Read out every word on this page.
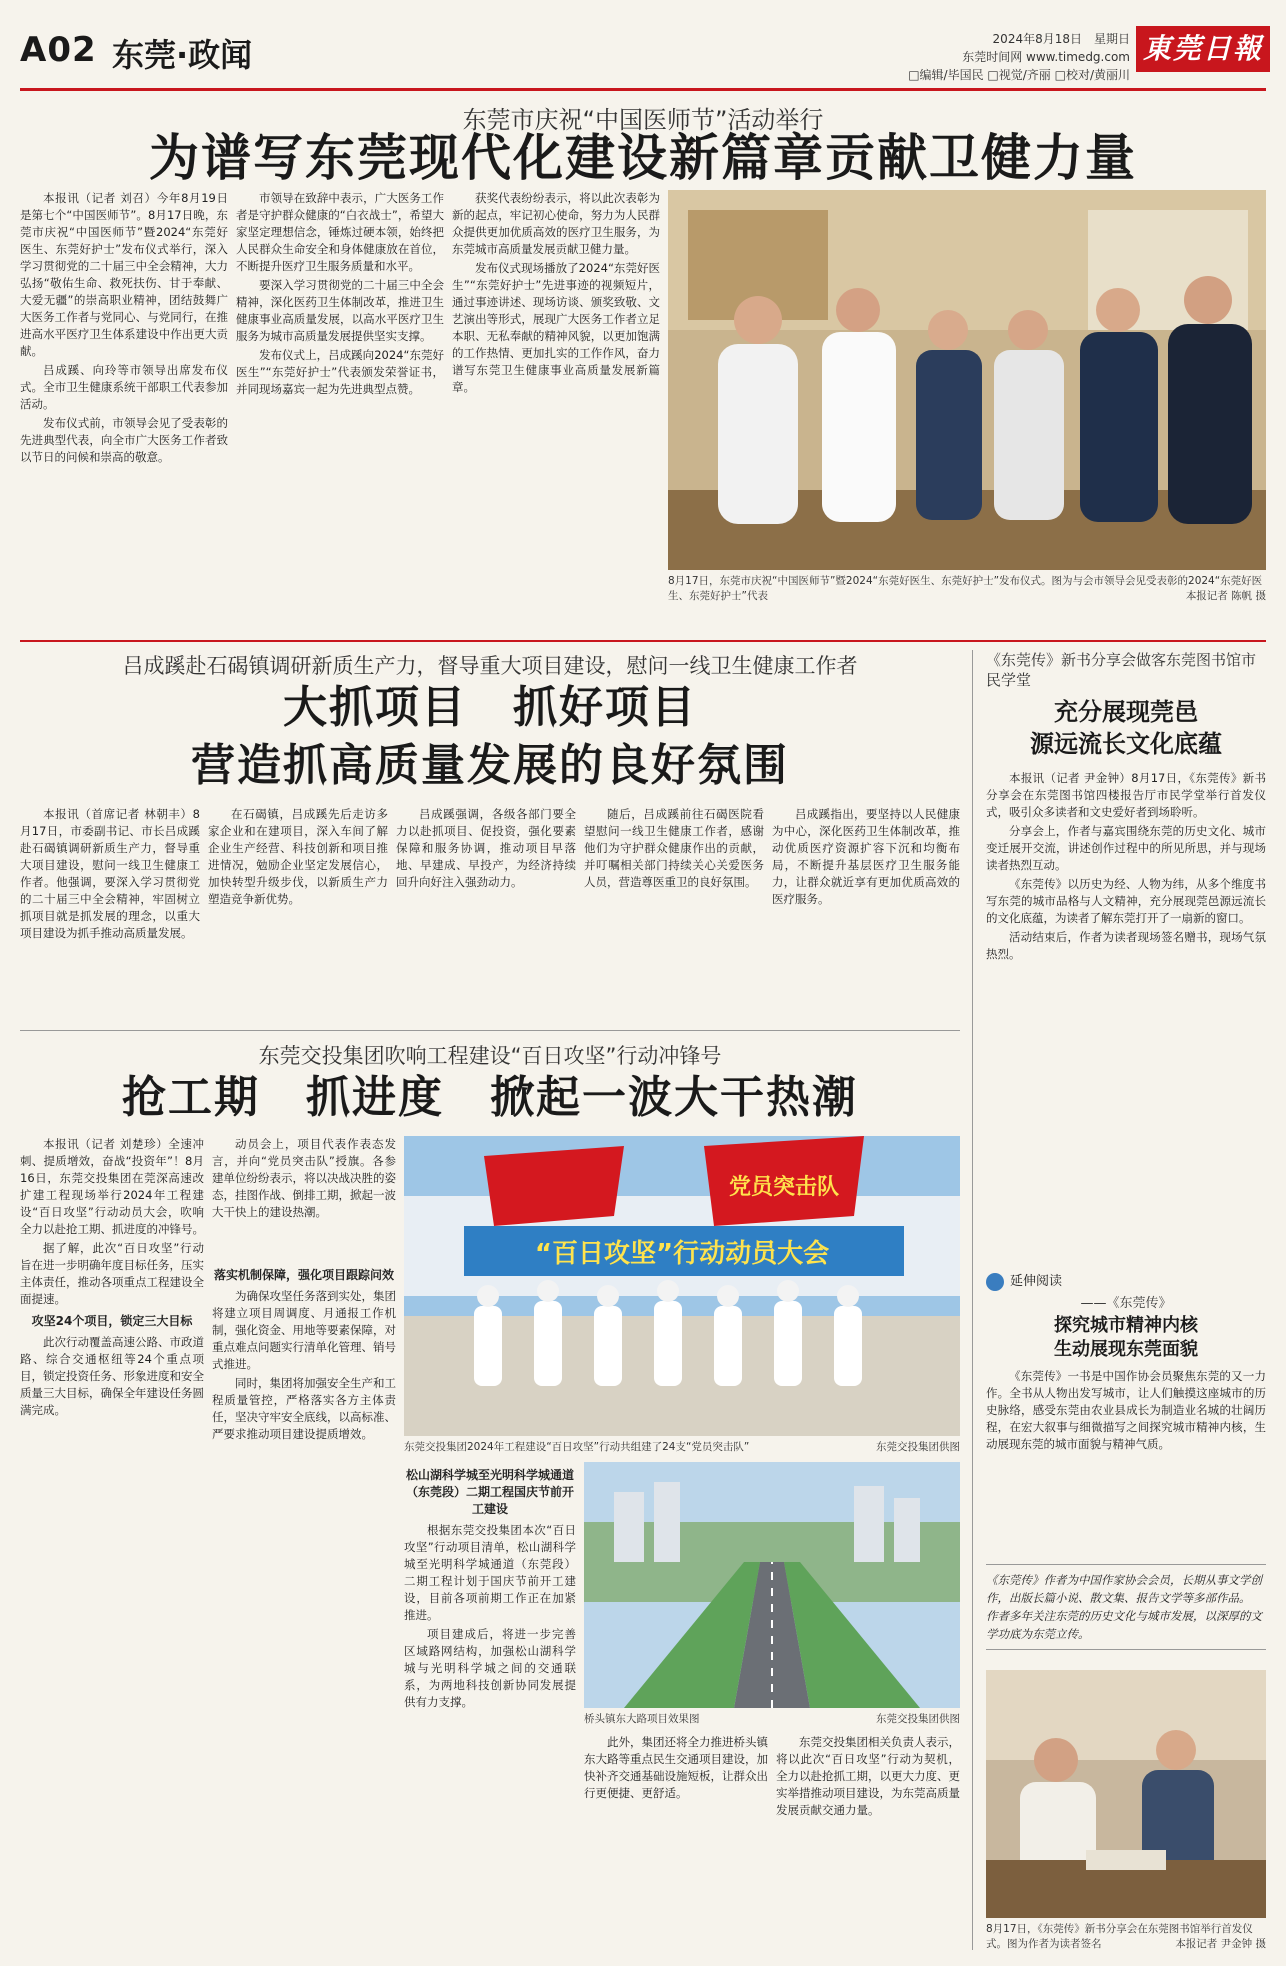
A02 东莞·政闻	2024年8月18日　星期日
东莞时间网 www.timedg.com
□编辑/毕国民 □视觉/齐丽 □校对/黄丽川
東莞日報
东莞市庆祝“中国医师节”活动举行
为谱写东莞现代化建设新篇章贡献卫健力量

本报讯（记者 刘召）今年8月19日是第七个“中国医师节”。8月17日晚，东莞市庆祝“中国医师节”暨2024“东莞好医生、东莞好护士”发布仪式举行，深入学习贯彻党的二十届三中全会精神，大力弘扬“敬佑生命、救死扶伤、甘于奉献、大爱无疆”的崇高职业精神，团结鼓舞广大医务工作者与党同心、与党同行，在推进高水平医疗卫生体系建设中作出更大贡献。

吕成蹊、向玲等市领导出席发布仪式。全市卫生健康系统干部职工代表参加活动。

发布仪式前，市领导会见了受表彰的先进典型代表，向全市广大医务工作者致以节日的问候和崇高的敬意。

市领导在致辞中表示，广大医务工作者是守护群众健康的“白衣战士”，希望大家坚定理想信念，锤炼过硬本领，始终把人民群众生命安全和身体健康放在首位，不断提升医疗卫生服务质量和水平。

要深入学习贯彻党的二十届三中全会精神，深化医药卫生体制改革，推进卫生健康事业高质量发展，以高水平医疗卫生服务为城市高质量发展提供坚实支撑。

发布仪式上，吕成蹊向2024“东莞好医生”“东莞好护士”代表颁发荣誉证书，并同现场嘉宾一起为先进典型点赞。

获奖代表纷纷表示，将以此次表彰为新的起点，牢记初心使命，努力为人民群众提供更加优质高效的医疗卫生服务，为东莞城市高质量发展贡献卫健力量。

发布仪式现场播放了2024“东莞好医生”“东莞好护士”先进事迹的视频短片，通过事迹讲述、现场访谈、颁奖致敬、文艺演出等形式，展现广大医务工作者立足本职、无私奉献的精神风貌，以更加饱满的工作热情、更加扎实的工作作风，奋力谱写东莞卫生健康事业高质量发展新篇章。

8月17日，东莞市庆祝“中国医师节”暨2024“东莞好医生、东莞好护士”发布仪式。图为与会市领导会见受表彰的2024“东莞好医生、东莞好护士”代表	本报记者 陈帆 摄
吕成蹊赴石碣镇调研新质生产力，督导重大项目建设，慰问一线卫生健康工作者
大抓项目　抓好项目
营造抓高质量发展的良好氛围

本报讯（首席记者 林朝丰）8月17日，市委副书记、市长吕成蹊赴石碣镇调研新质生产力，督导重大项目建设，慰问一线卫生健康工作者。他强调，要深入学习贯彻党的二十届三中全会精神，牢固树立抓项目就是抓发展的理念，以重大项目建设为抓手推动高质量发展。

在石碣镇，吕成蹊先后走访多家企业和在建项目，深入车间了解企业生产经营、科技创新和项目推进情况，勉励企业坚定发展信心，加快转型升级步伐，以新质生产力塑造竞争新优势。

吕成蹊强调，各级各部门要全力以赴抓项目、促投资，强化要素保障和服务协调，推动项目早落地、早建成、早投产，为经济持续回升向好注入强劲动力。

随后，吕成蹊前往石碣医院看望慰问一线卫生健康工作者，感谢他们为守护群众健康作出的贡献，并叮嘱相关部门持续关心关爱医务人员，营造尊医重卫的良好氛围。

吕成蹊指出，要坚持以人民健康为中心，深化医药卫生体制改革，推动优质医疗资源扩容下沉和均衡布局，不断提升基层医疗卫生服务能力，让群众就近享有更加优质高效的医疗服务。

东莞交投集团吹响工程建设“百日攻坚”行动冲锋号
抢工期　抓进度　掀起一波大干热潮

本报讯（记者 刘楚珍）全速冲刺、提质增效，奋战“投资年”！8月16日，东莞交投集团在莞深高速改扩建工程现场举行2024年工程建设“百日攻坚”行动动员大会，吹响全力以赴抢工期、抓进度的冲锋号。

据了解，此次“百日攻坚”行动旨在进一步明确年度目标任务，压实主体责任，推动各项重点工程建设全面提速。

攻坚24个项目，锁定三大目标

此次行动覆盖高速公路、市政道路、综合交通枢纽等24个重点项目，锁定投资任务、形象进度和安全质量三大目标，确保全年建设任务圆满完成。

动员会上，项目代表作表态发言，并向“党员突击队”授旗。各参建单位纷纷表示，将以决战决胜的姿态，挂图作战、倒排工期，掀起一波大干快上的建设热潮。

“百日攻坚”行动动员大会
党员突击队
东莞交投集团2024年工程建设“百日攻坚”行动共组建了24支“党员突击队”	东莞交投集团供图
落实机制保障，强化项目跟踪问效

为确保攻坚任务落到实处，集团将建立项目周调度、月通报工作机制，强化资金、用地等要素保障，对重点难点问题实行清单化管理、销号式推进。

同时，集团将加强安全生产和工程质量管控，严格落实各方主体责任，坚决守牢安全底线，以高标准、严要求推动项目建设提质增效。

松山湖科学城至光明科学城通道（东莞段）二期工程国庆节前开工建设

根据东莞交投集团本次“百日攻坚”行动项目清单，松山湖科学城至光明科学城通道（东莞段）二期工程计划于国庆节前开工建设，目前各项前期工作正在加紧推进。

项目建成后，将进一步完善区域路网结构，加强松山湖科学城与光明科学城之间的交通联系，为两地科技创新协同发展提供有力支撑。

桥头镇东大路项目效果图	东莞交投集团供图

此外，集团还将全力推进桥头镇东大路等重点民生交通项目建设，加快补齐交通基础设施短板，让群众出行更便捷、更舒适。

东莞交投集团相关负责人表示，将以此次“百日攻坚”行动为契机，全力以赴抢抓工期，以更大力度、更实举措推动项目建设，为东莞高质量发展贡献交通力量。

《东莞传》新书分享会做客东莞图书馆市民学堂
充分展现莞邑
源远流长文化底蕴

本报讯（记者 尹金钟）8月17日，《东莞传》新书分享会在东莞图书馆四楼报告厅市民学堂举行首发仪式，吸引众多读者和文史爱好者到场聆听。

分享会上，作者与嘉宾围绕东莞的历史文化、城市变迁展开交流，讲述创作过程中的所见所思，并与现场读者热烈互动。

《东莞传》以历史为经、人物为纬，从多个维度书写东莞的城市品格与人文精神，充分展现莞邑源远流长的文化底蕴，为读者了解东莞打开了一扇新的窗口。

活动结束后，作者为读者现场签名赠书，现场气氛热烈。

延伸阅读
——《东莞传》
探究城市精神内核
生动展现东莞面貌

《东莞传》一书是中国作协会员聚焦东莞的又一力作。全书从人物出发写城市，让人们触摸这座城市的历史脉络，感受东莞由农业县成长为制造业名城的壮阔历程，在宏大叙事与细微描写之间探究城市精神内核，生动展现东莞的城市面貌与精神气质。

《东莞传》作者为中国作家协会会员，长期从事文学创作，出版长篇小说、散文集、报告文学等多部作品。
作者多年关注东莞的历史文化与城市发展，以深厚的文学功底为东莞立传。
8月17日，《东莞传》新书分享会在东莞图书馆举行首发仪式。图为作者为读者签名	本报记者 尹金钟 摄
